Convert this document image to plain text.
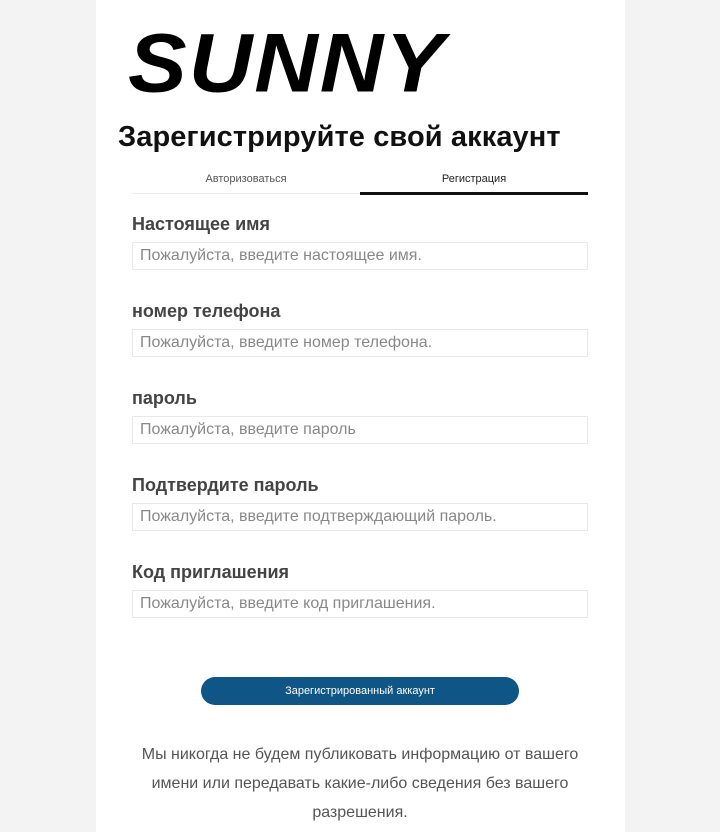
SUNNY
Зарегистрируйте свой аккаунт
Авторизоваться	Регистрация
Настоящее имя
Пожалуйста, введите настоящее имя.
номер телефона
Пожалуйста, введите номер телефона.
пароль
Подтвердите пароль
Код приглашения
Пожалуйста, введите код приглашения.
Зарегистрированный аккаунт
Мы никогда не будем публиковать информацию от вашего имени или передавать какие-либо сведения без вашего разрешения.
